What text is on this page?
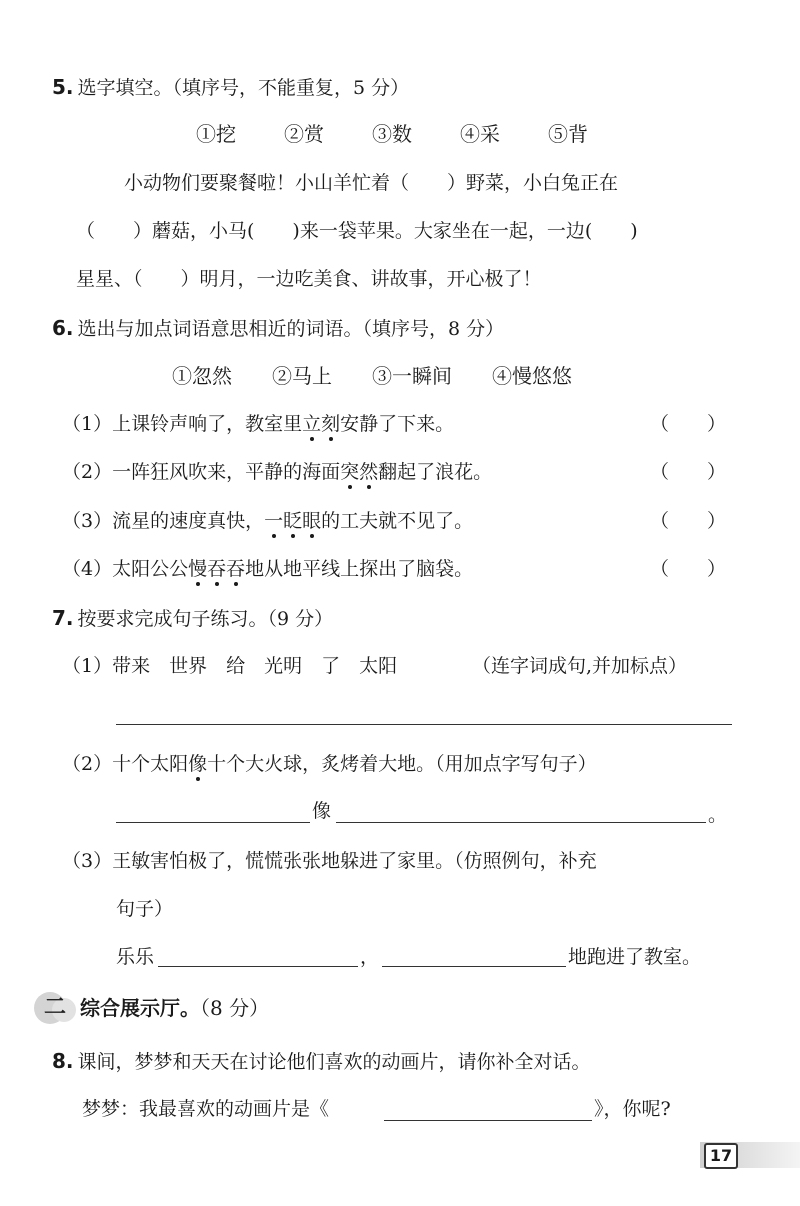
5. 选字填空。（填序号，不能重复，5 分）
①挖 ②赏 ③数 ④采 ⑤背
小动物们要聚餐啦！小山羊忙着（　　）野菜，小白兔正在
（　　）蘑菇，小马(　　)来一袋苹果。大家坐在一起，一边(　　)
星星、（　　）明月，一边吃美食、讲故事，开心极了！
6. 选出与加点词语意思相近的词语。（填序号，8 分）
①忽然 ②马上 ③一瞬间 ④慢悠悠
（1）上课铃声响了，教室里立刻安静了下来。	（　　）
（2）一阵狂风吹来，平静的海面突然翻起了浪花。	（　　）
（3）流星的速度真快，一眨眼的工夫就不见了。	（　　）
（4）太阳公公慢吞吞地从地平线上探出了脑袋。	（　　）
7. 按要求完成句子练习。（9 分）
（1）带来　世界　给　光明　了　太阳	（连字词成句,并加标点）
（2）十个太阳像十个大火球，炙烤着大地。（用加点字写句子）
像	。
（3）王敏害怕极了，慌慌张张地躲进了家里。（仿照例句，补充
句子）
乐乐	，	地跑进了教室。
二 综合展示厅。（8 分）
8. 课间，梦梦和天天在讨论他们喜欢的动画片，请你补全对话。
梦梦：我最喜欢的动画片是《	》，你呢?
17
